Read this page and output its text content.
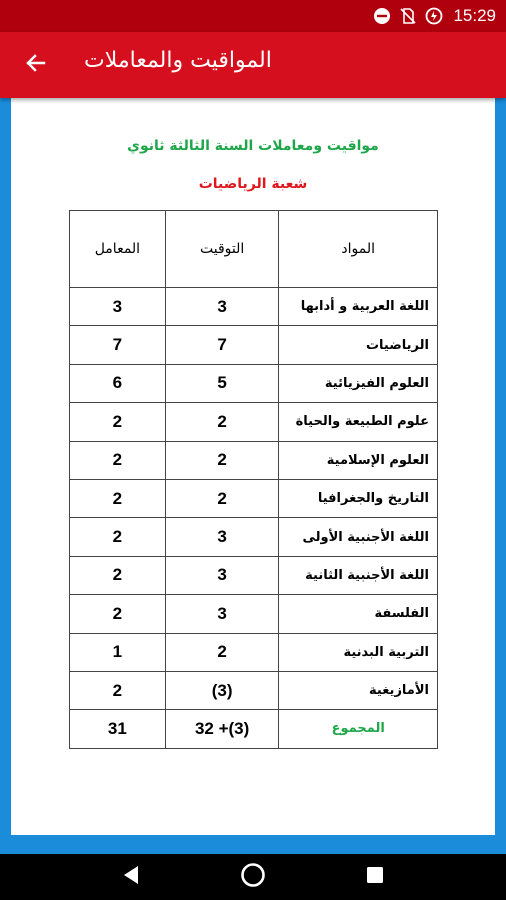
15:29
المواقيت والمعاملات
مواقيت ومعاملات السنة الثالثة ثانوي
شعبة الرياضيات
المعامل	التوقيت	المواد
3	3	اللغة العربية و أدابها
7	7	الرياضيات
6	5	العلوم الفيزيائية
2	2	علوم الطبيعة والحياة
2	2	العلوم الإسلامية
2	2	التاريخ والجغرافيا
2	3	اللغة الأجنبية الأولى
2	3	اللغة الأجنبية الثانية
2	3	الفلسفة
1	2	التربية البدنية
2	(3)	الأمازيغية
31	32 +(3)	المجموع
